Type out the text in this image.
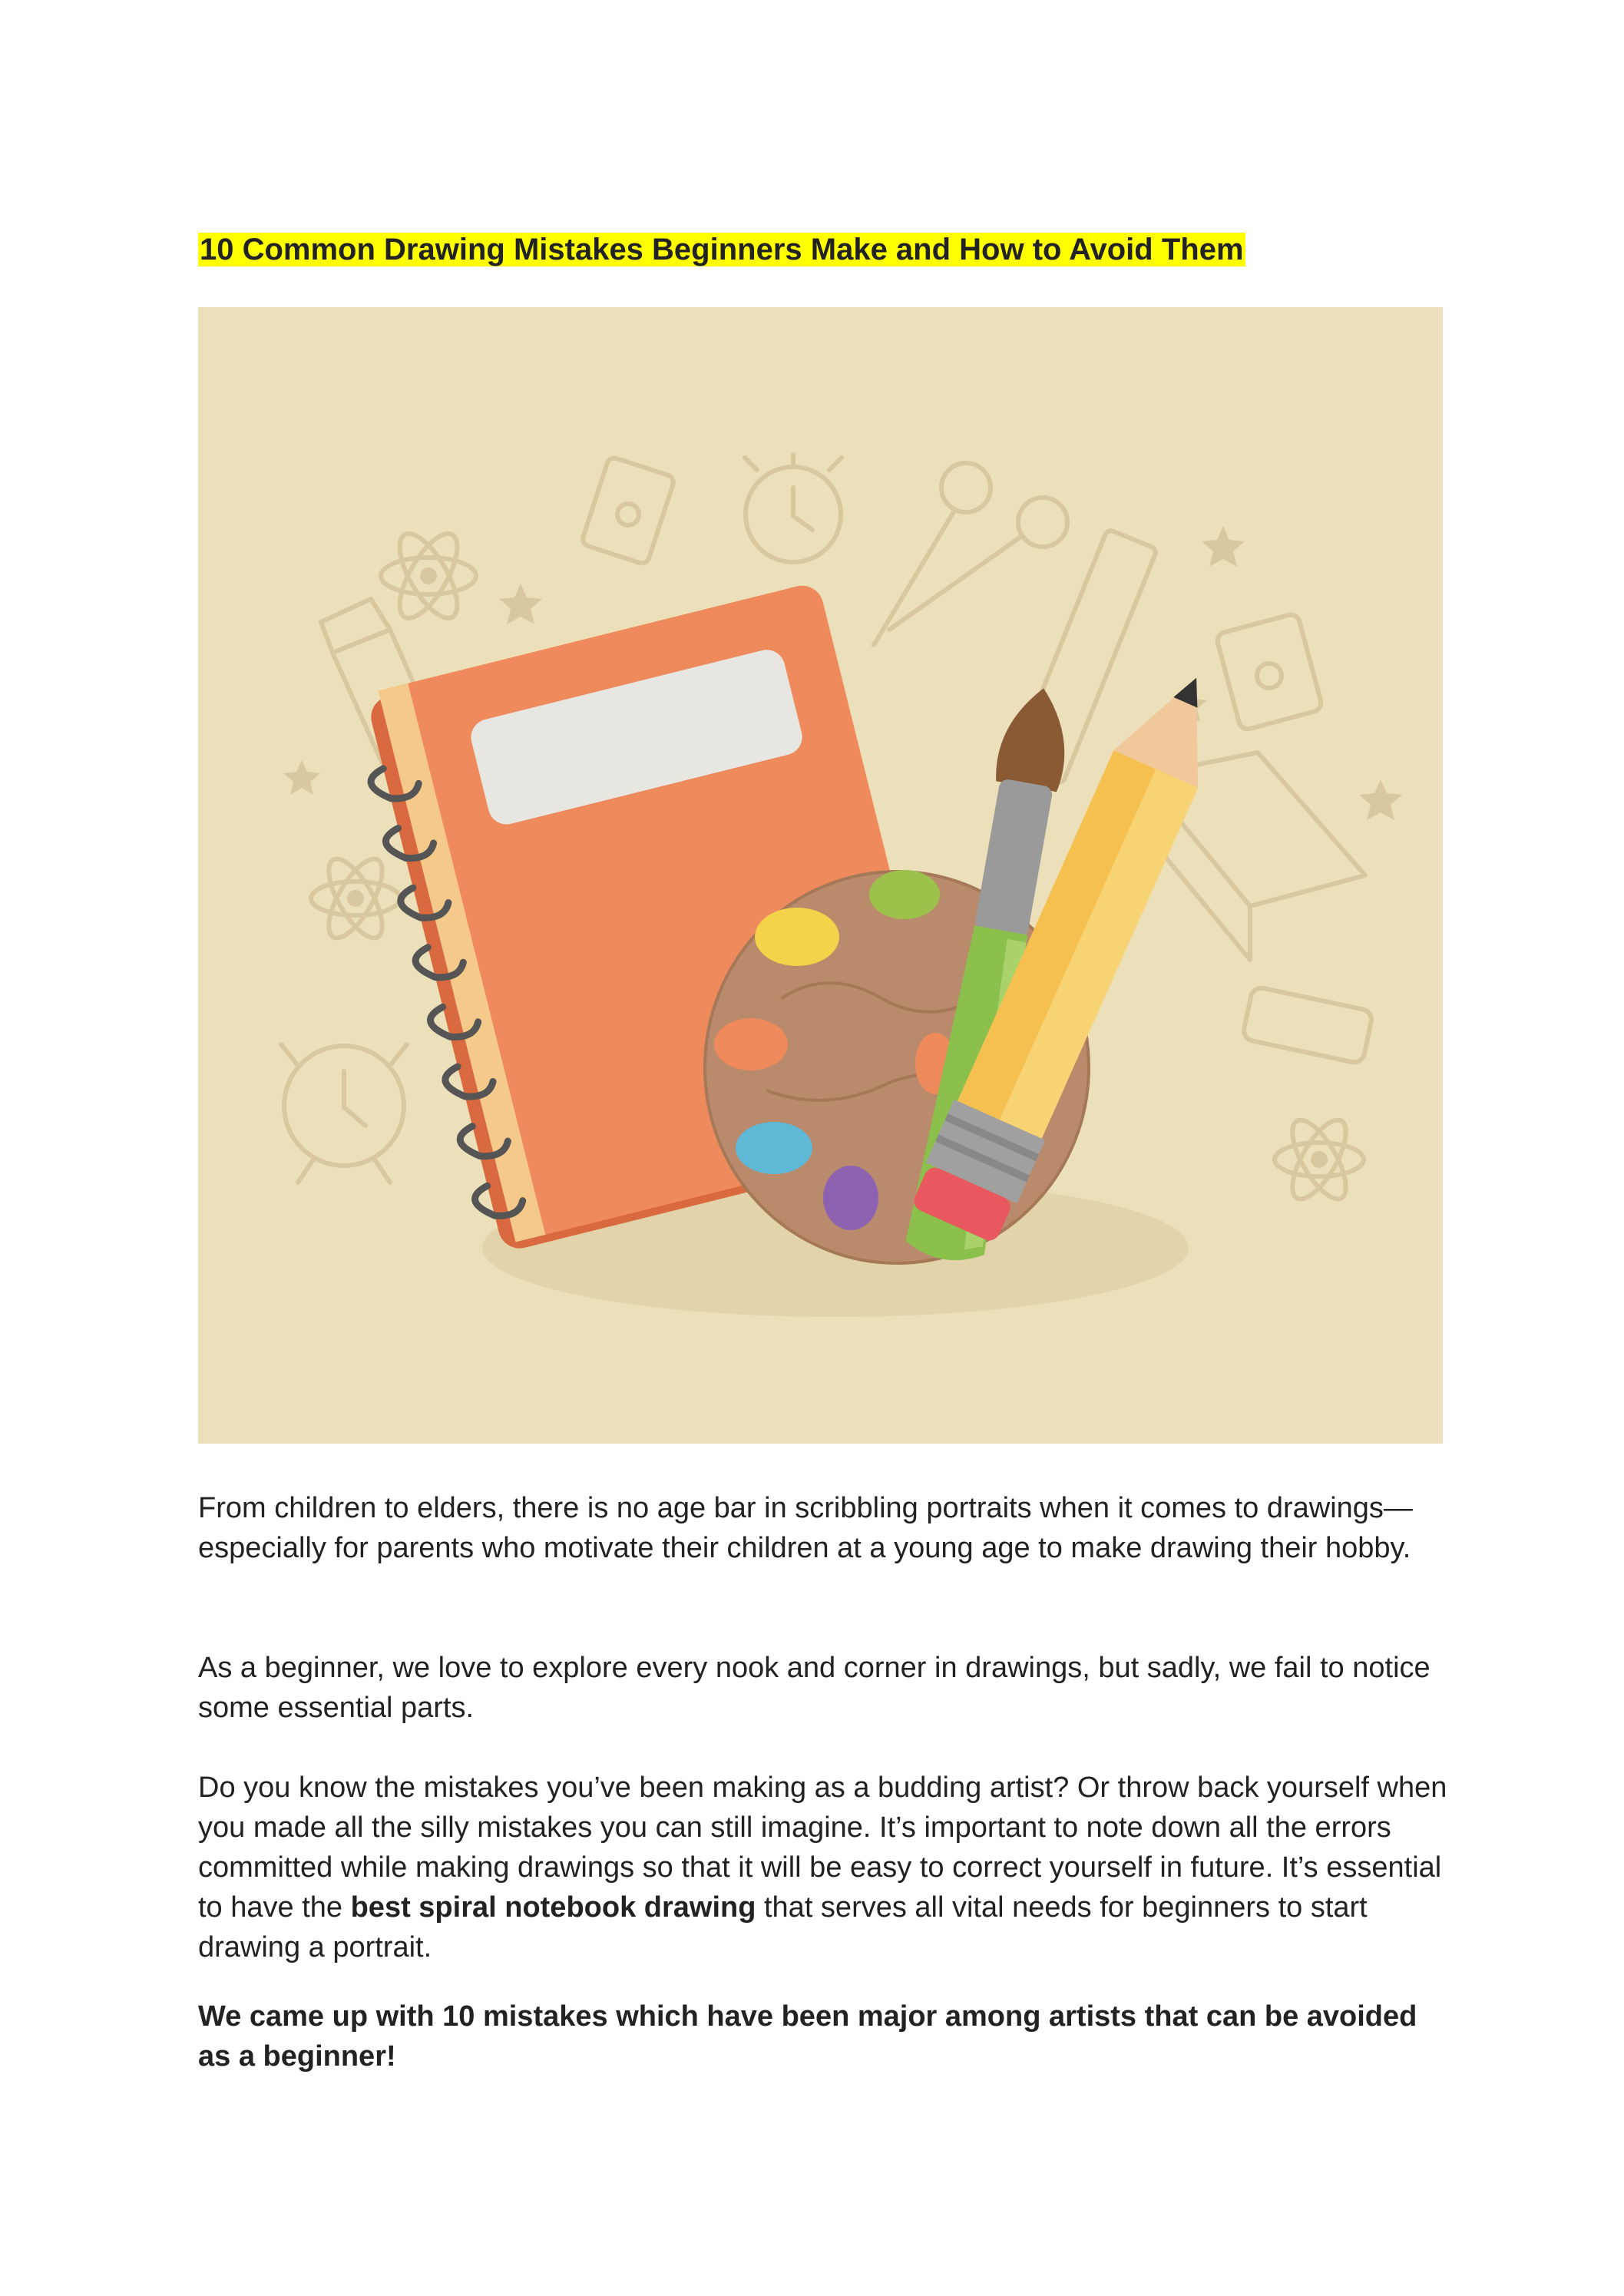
10 Common Drawing Mistakes Beginners Make and How to Avoid Them

From children to elders, there is no age bar in scribbling portraits when it comes to drawings—especially for parents who motivate their children at a young age to make drawing their hobby.

As a beginner, we love to explore every nook and corner in drawings, but sadly, we fail to notice some essential parts.

Do you know the mistakes you’ve been making as a budding artist? Or throw back yourself when you made all the silly mistakes you can still imagine. It’s important to note down all the errors committed while making drawings so that it will be easy to correct yourself in future. It’s essential to have the best spiral notebook drawing that serves all vital needs for beginners to start drawing a portrait.

We came up with 10 mistakes which have been major among artists that can be avoided as a beginner!
